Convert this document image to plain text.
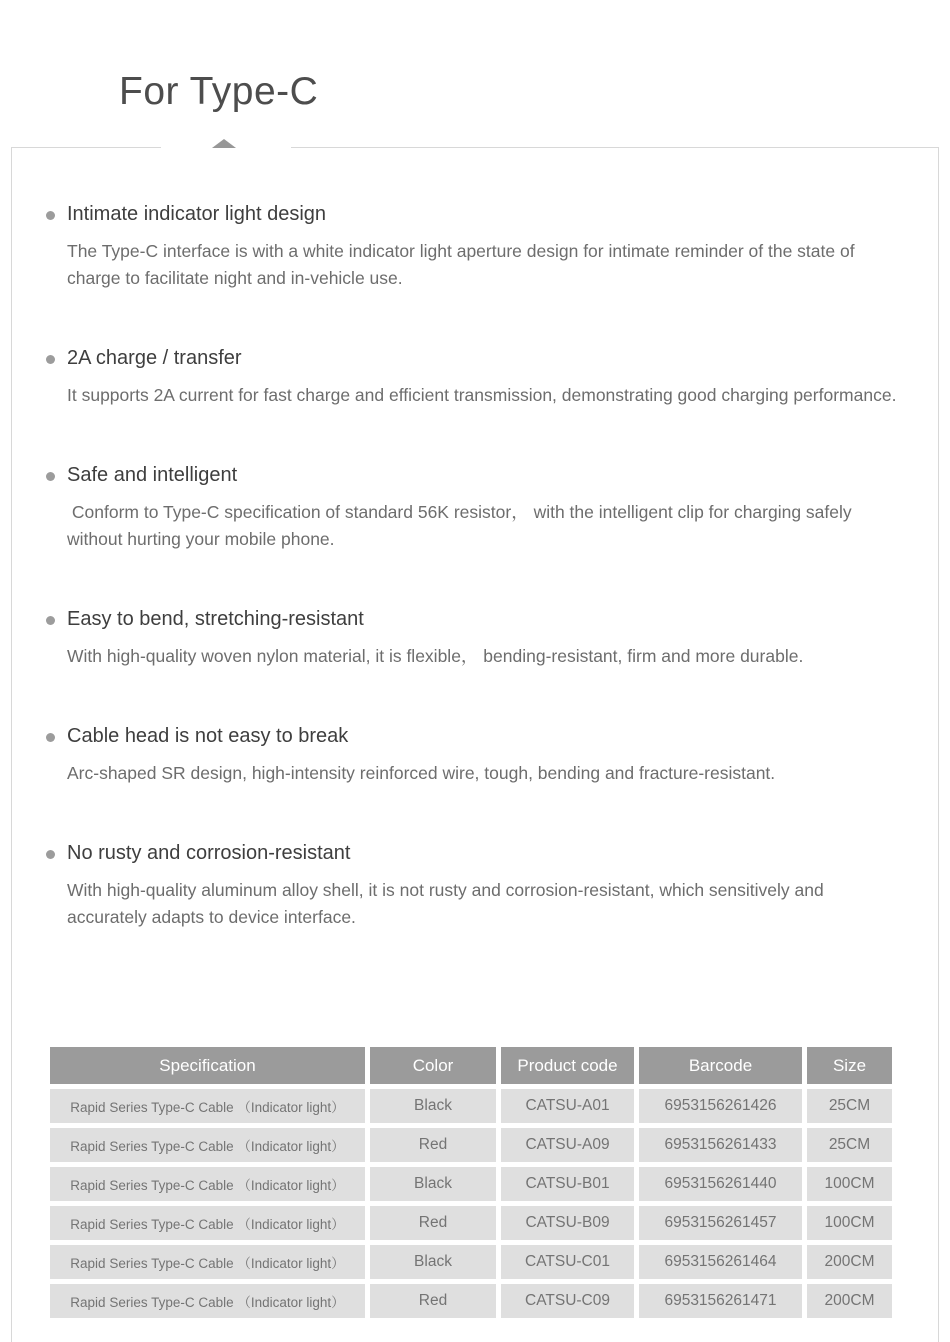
For Type-C
Intimate indicator light design

The Type-C interface is with a white indicator light aperture design for intimate reminder of the state of charge to facilitate night and in-vehicle use.

2A charge / transfer

It supports 2A current for fast charge and efficient transmission, demonstrating good charging performance.

Safe and intelligent

Conform to Type-C specification of standard 56K resistor， with the intelligent clip for charging safely without hurting your mobile phone.

Easy to bend, stretching-resistant

With high-quality woven nylon material, it is flexible， bending-resistant, firm and more durable.

Cable head is not easy to break

Arc-shaped SR design, high-intensity reinforced wire, tough, bending and fracture-resistant.

No rusty and corrosion-resistant

With high-quality aluminum alloy shell, it is not rusty and corrosion-resistant, which sensitively and accurately adapts to device interface.

Specification	Color	Product code	Barcode	Size
Rapid Series Type-C Cable （Indicator light）	Black	CATSU-A01	6953156261426	25CM
Rapid Series Type-C Cable （Indicator light）	Red	CATSU-A09	6953156261433	25CM
Rapid Series Type-C Cable （Indicator light）	Black	CATSU-B01	6953156261440	100CM
Rapid Series Type-C Cable （Indicator light）	Red	CATSU-B09	6953156261457	100CM
Rapid Series Type-C Cable （Indicator light）	Black	CATSU-C01	6953156261464	200CM
Rapid Series Type-C Cable （Indicator light）	Red	CATSU-C09	6953156261471	200CM
